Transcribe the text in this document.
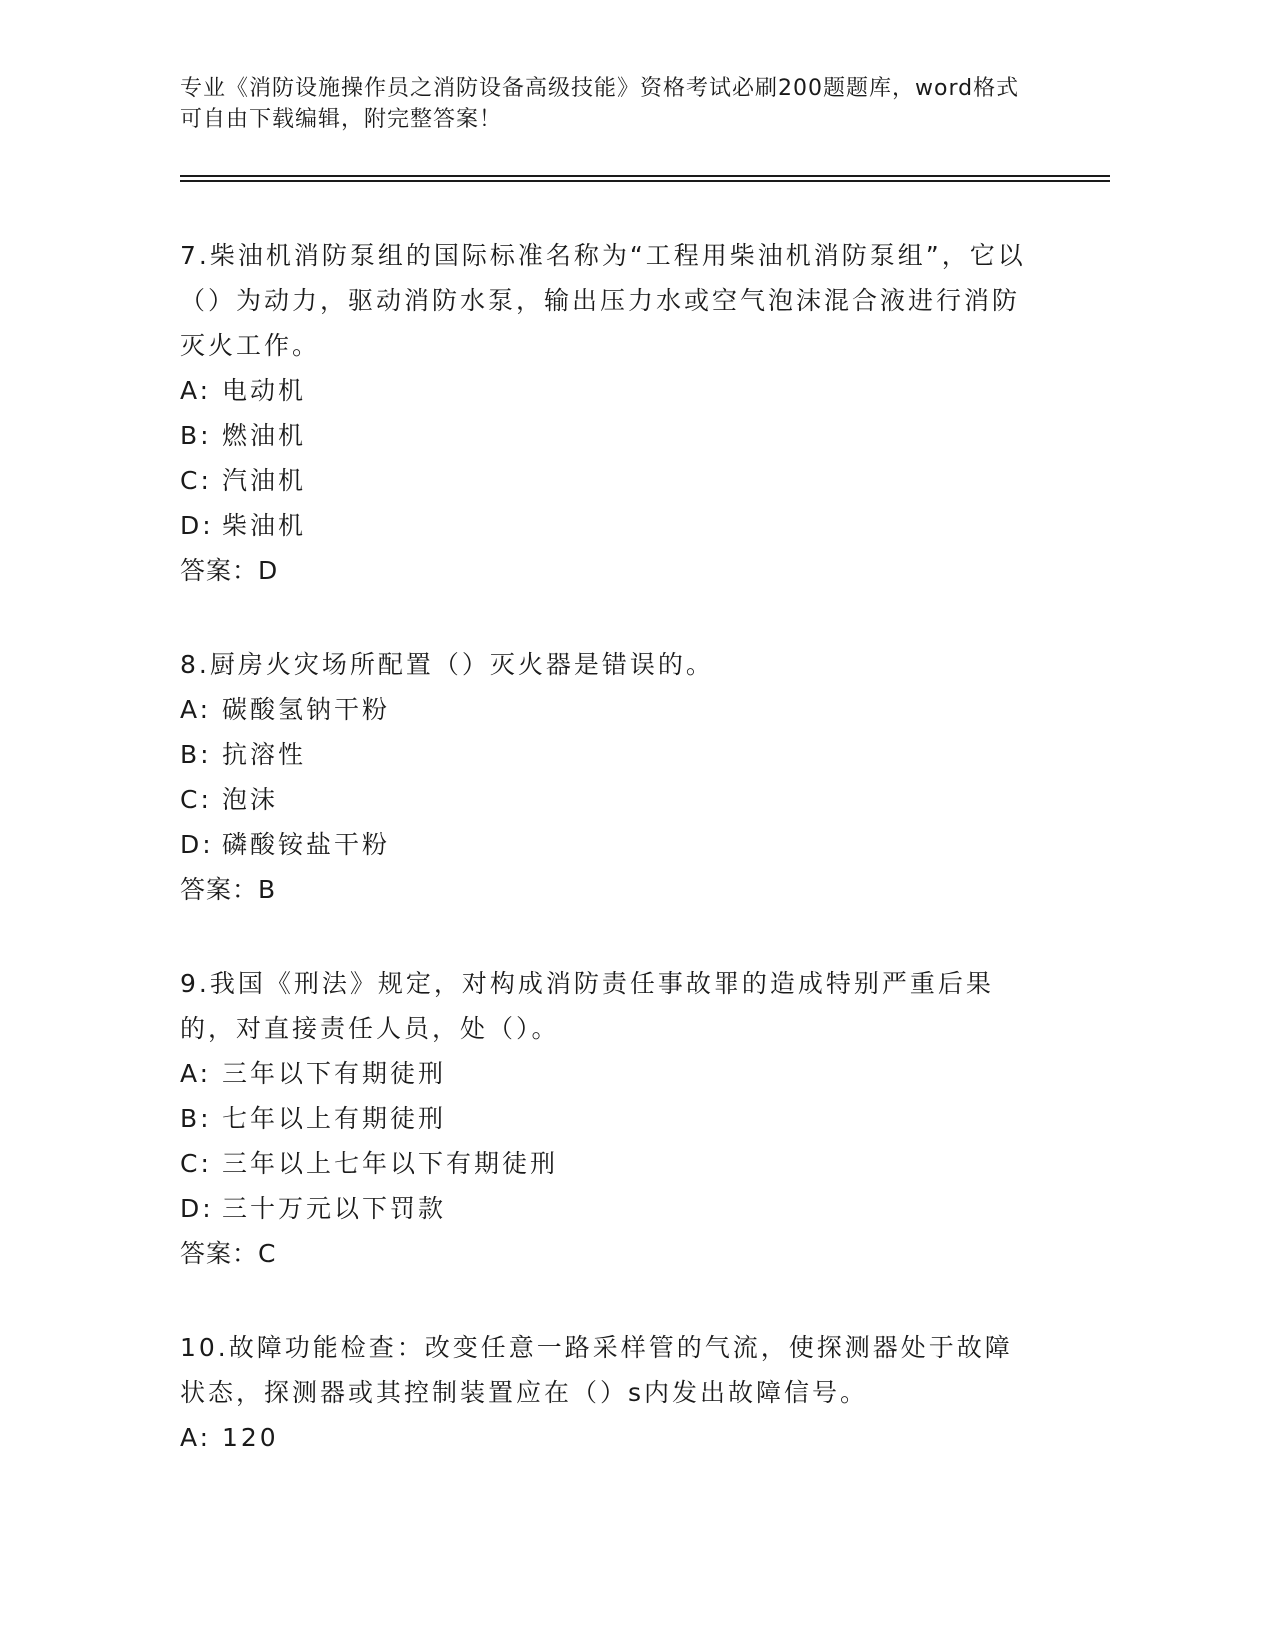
专业《消防设施操作员之消防设备高级技能》资格考试必刷200题题库，word格式可自由下载编辑，附完整答案！

7.柴油机消防泵组的国际标准名称为“工程用柴油机消防泵组”，它以（）为动力，驱动消防水泵，输出压力水或空气泡沫混合液进行消防灭火工作。

A: 电动机

B: 燃油机

C: 汽油机

D: 柴油机

答案：D

8.厨房火灾场所配置（）灭火器是错误的。

A: 碳酸氢钠干粉

B: 抗溶性

C: 泡沫

D: 磷酸铵盐干粉

答案：B

9.我国《刑法》规定，对构成消防责任事故罪的造成特别严重后果的，对直接责任人员，处（）。

A: 三年以下有期徒刑

B: 七年以上有期徒刑

C: 三年以上七年以下有期徒刑

D: 三十万元以下罚款

答案：C

10.故障功能检查：改变任意一路采样管的气流，使探测器处于故障状态，探测器或其控制装置应在（）s内发出故障信号。

A: 120
